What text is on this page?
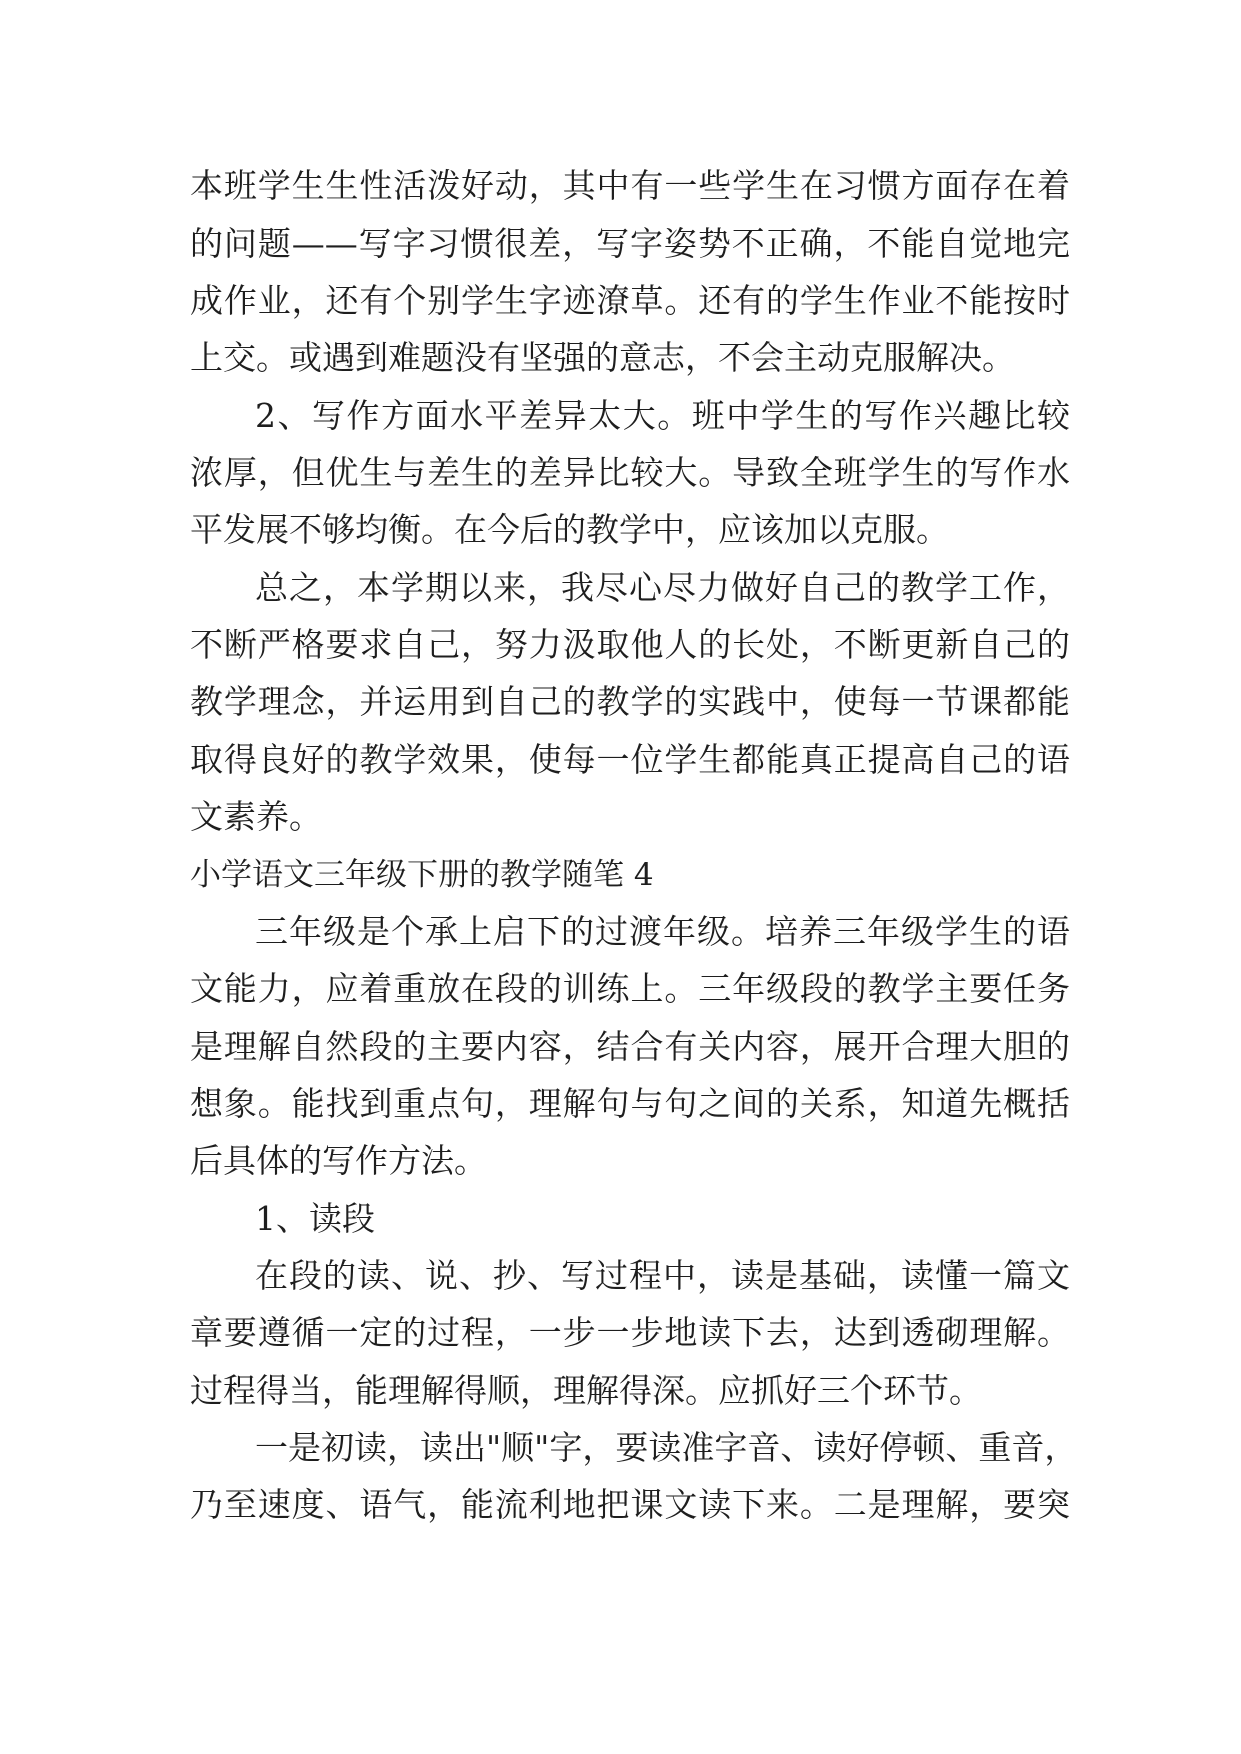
本班学生生性活泼好动，其中有一些学生在习惯方面存在着
的问题——写字习惯很差，写字姿势不正确，不能自觉地完
成作业，还有个别学生字迹潦草。还有的学生作业不能按时
上交。或遇到难题没有坚强的意志，不会主动克服解决。
2、写作方面水平差异太大。班中学生的写作兴趣比较
浓厚，但优生与差生的差异比较大。导致全班学生的写作水
平发展不够均衡。在今后的教学中，应该加以克服。
总之，本学期以来，我尽心尽力做好自己的教学工作，
不断严格要求自己，努力汲取他人的长处，不断更新自己的
教学理念，并运用到自己的教学的实践中，使每一节课都能
取得良好的教学效果，使每一位学生都能真正提高自己的语
文素养。
小学语文三年级下册的教学随笔 4
三年级是个承上启下的过渡年级。培养三年级学生的语
文能力，应着重放在段的训练上。三年级段的教学主要任务
是理解自然段的主要内容，结合有关内容，展开合理大胆的
想象。能找到重点句，理解句与句之间的关系，知道先概括
后具体的写作方法。
1、读段
在段的读、说、抄、写过程中，读是基础，读懂一篇文
章要遵循一定的过程，一步一步地读下去，达到透砌理解。
过程得当，能理解得顺，理解得深。应抓好三个环节。
一是初读，读出"顺"字，要读准字音、读好停顿、重音，
乃至速度、语气，能流利地把课文读下来。二是理解，要突
